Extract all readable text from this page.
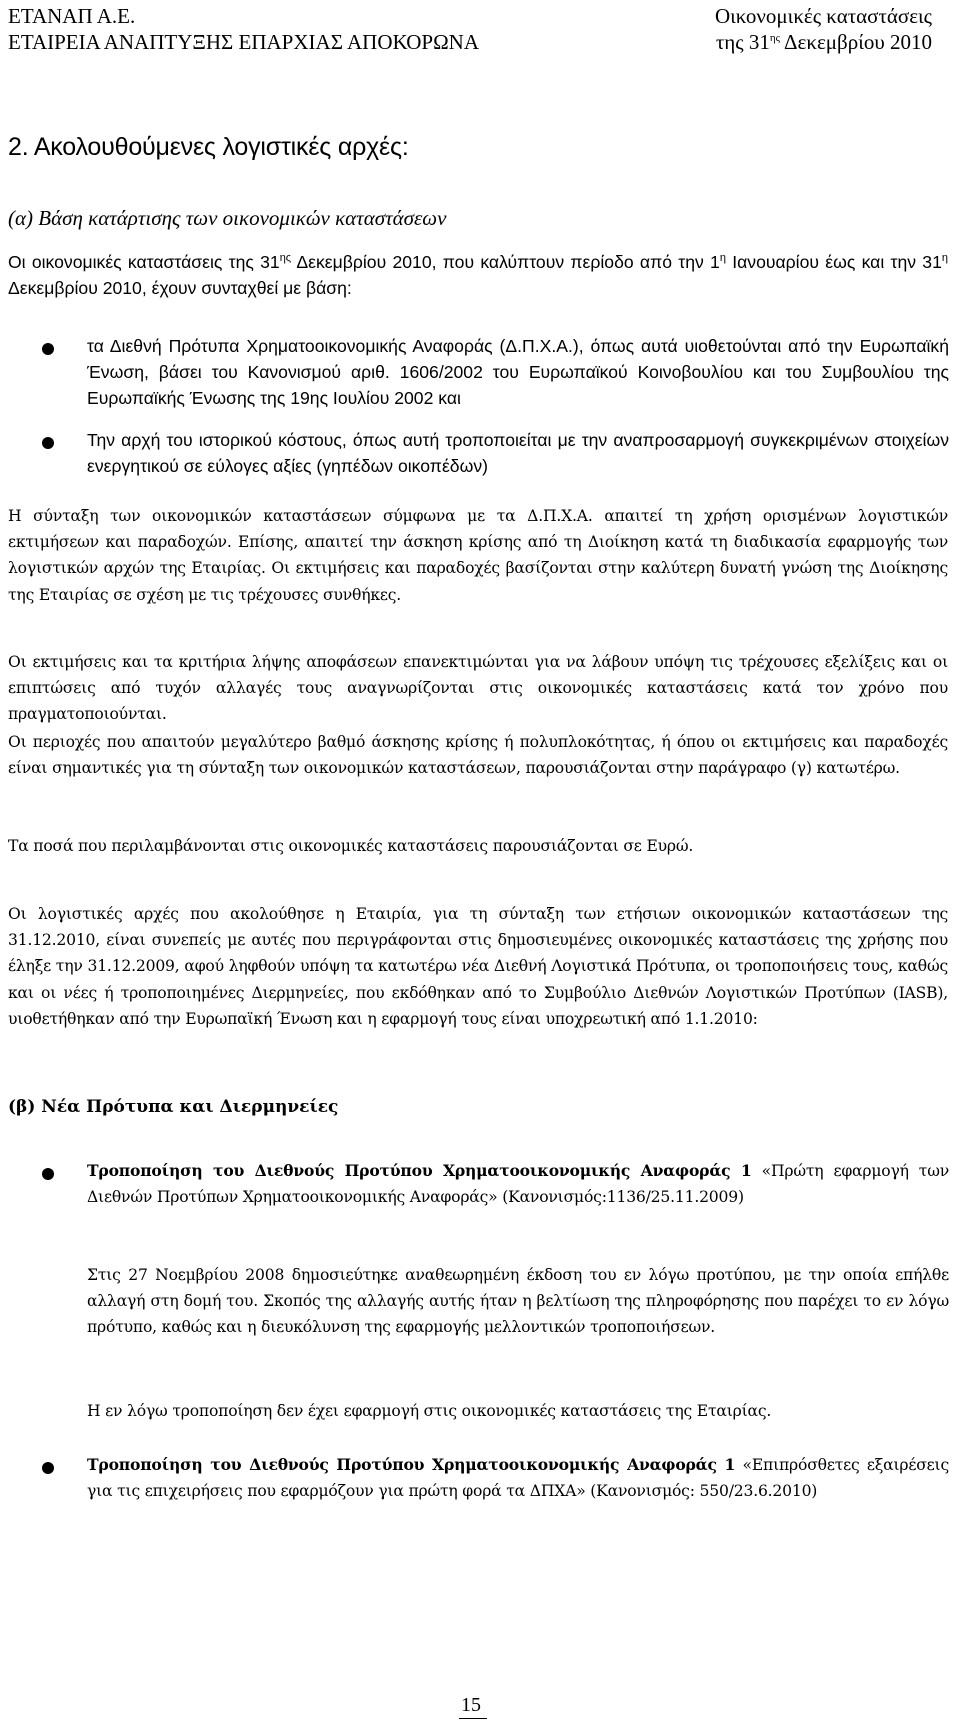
ΕΤΑΝΑΠ Α.Ε.
ΕΤΑΙΡΕΙΑ ΑΝΑΠΤΥΞΗΣ ΕΠΑΡΧΙΑΣ ΑΠΟΚΟΡΩΝΑ
Οικονομικές καταστάσεις
της $31^{\eta\varsigma}$ Δεκεμβρίου 2010
2. Ακολουθούμενες λογιστικές αρχές:
(α) Βάση κατάρτισης των οικονομικών καταστάσεων
Οι οικονομικές καταστάσεις της $31^{\eta\varsigma}$ Δεκεμβρίου 2010, που καλύπτουν περίοδο από την $1^\eta$ Ιανουαρίου έως και την $31^\eta$ Δεκεμβρίου 2010, έχουν συνταχθεί με βάση:
τα Διεθνή Πρότυπα Χρηματοοικονομικής Αναφοράς (Δ.Π.Χ.Α.), όπως αυτά υιοθετούνται από την Ευρωπαϊκή Ένωση, βάσει του Κανονισμού αριθ. 1606/2002 του Ευρωπαϊκού Κοινοβουλίου και του Συμβουλίου της Ευρωπαϊκής Ένωσης της 19ης Ιουλίου 2002 και
Την αρχή του ιστορικού κόστους, όπως αυτή τροποποιείται με την αναπροσαρμογή συγκεκριμένων στοιχείων ενεργητικού σε εύλογες αξίες (γηπέδων οικοπέδων)
Η σύνταξη των οικονομικών καταστάσεων σύμφωνα με τα Δ.Π.Χ.Α. απαιτεί τη χρήση ορισμένων λογιστικών εκτιμήσεων και παραδοχών. Επίσης, απαιτεί την άσκηση κρίσης από τη Διοίκηση κατά τη διαδικασία εφαρμογής των λογιστικών αρχών της Εταιρίας. Οι εκτιμήσεις και παραδοχές βασίζονται στην καλύτερη δυνατή γνώση της Διοίκησης της Εταιρίας σε σχέση με τις τρέχουσες συνθήκες.
Οι εκτιμήσεις και τα κριτήρια λήψης αποφάσεων επανεκτιμώνται για να λάβουν υπόψη τις τρέχουσες εξελίξεις και οι επιπτώσεις από τυχόν αλλαγές τους αναγνωρίζονται στις οικονομικές καταστάσεις κατά τον χρόνο που πραγματοποιούνται.
Οι περιοχές που απαιτούν μεγαλύτερο βαθμό άσκησης κρίσης ή πολυπλοκότητας, ή όπου οι εκτιμήσεις και παραδοχές είναι σημαντικές για τη σύνταξη των οικονομικών καταστάσεων, παρουσιάζονται στην παράγραφο (γ) κατωτέρω.
Τα ποσά που περιλαμβάνονται στις οικονομικές καταστάσεις παρουσιάζονται σε Ευρώ.
Οι λογιστικές αρχές που ακολούθησε η Εταιρία, για τη σύνταξη των ετήσιων οικονομικών καταστάσεων της 31.12.2010, είναι συνεπείς με αυτές που περιγράφονται στις δημοσιευμένες οικονομικές καταστάσεις της χρήσης που έληξε την 31.12.2009, αφού ληφθούν υπόψη τα κατωτέρω νέα Διεθνή Λογιστικά Πρότυπα, οι τροποποιήσεις τους, καθώς και οι νέες ή τροποποιημένες Διερμηνείες, που εκδόθηκαν από το Συμβούλιο Διεθνών Λογιστικών Προτύπων (IASB), υιοθετήθηκαν από την Ευρωπαϊκή Ένωση και η εφαρμογή τους είναι υποχρεωτική από 1.1.2010:
(β) Νέα Πρότυπα και Διερμηνείες
Τροποποίηση του Διεθνούς Προτύπου Χρηματοοικονομικής Αναφοράς 1 «Πρώτη εφαρμογή των Διεθνών Προτύπων Χρηματοοικονομικής Αναφοράς» (Κανονισμός:1136/25.11.2009)
Στις 27 Νοεμβρίου 2008 δημοσιεύτηκε αναθεωρημένη έκδοση του εν λόγω προτύπου, με την οποία επήλθε αλλαγή στη δομή του. Σκοπός της αλλαγής αυτής ήταν η βελτίωση της πληροφόρησης που παρέχει το εν λόγω πρότυπο, καθώς και η διευκόλυνση της εφαρμογής μελλοντικών τροποποιήσεων.
Η εν λόγω τροποποίηση δεν έχει εφαρμογή στις οικονομικές καταστάσεις της Εταιρίας.
Τροποποίηση του Διεθνούς Προτύπου Χρηματοοικονομικής Αναφοράς 1 «Επιπρόσθετες εξαιρέσεις για τις επιχειρήσεις που εφαρμόζουν για πρώτη φορά τα ΔΠΧΑ» (Κανονισμός: 550/23.6.2010)
15
